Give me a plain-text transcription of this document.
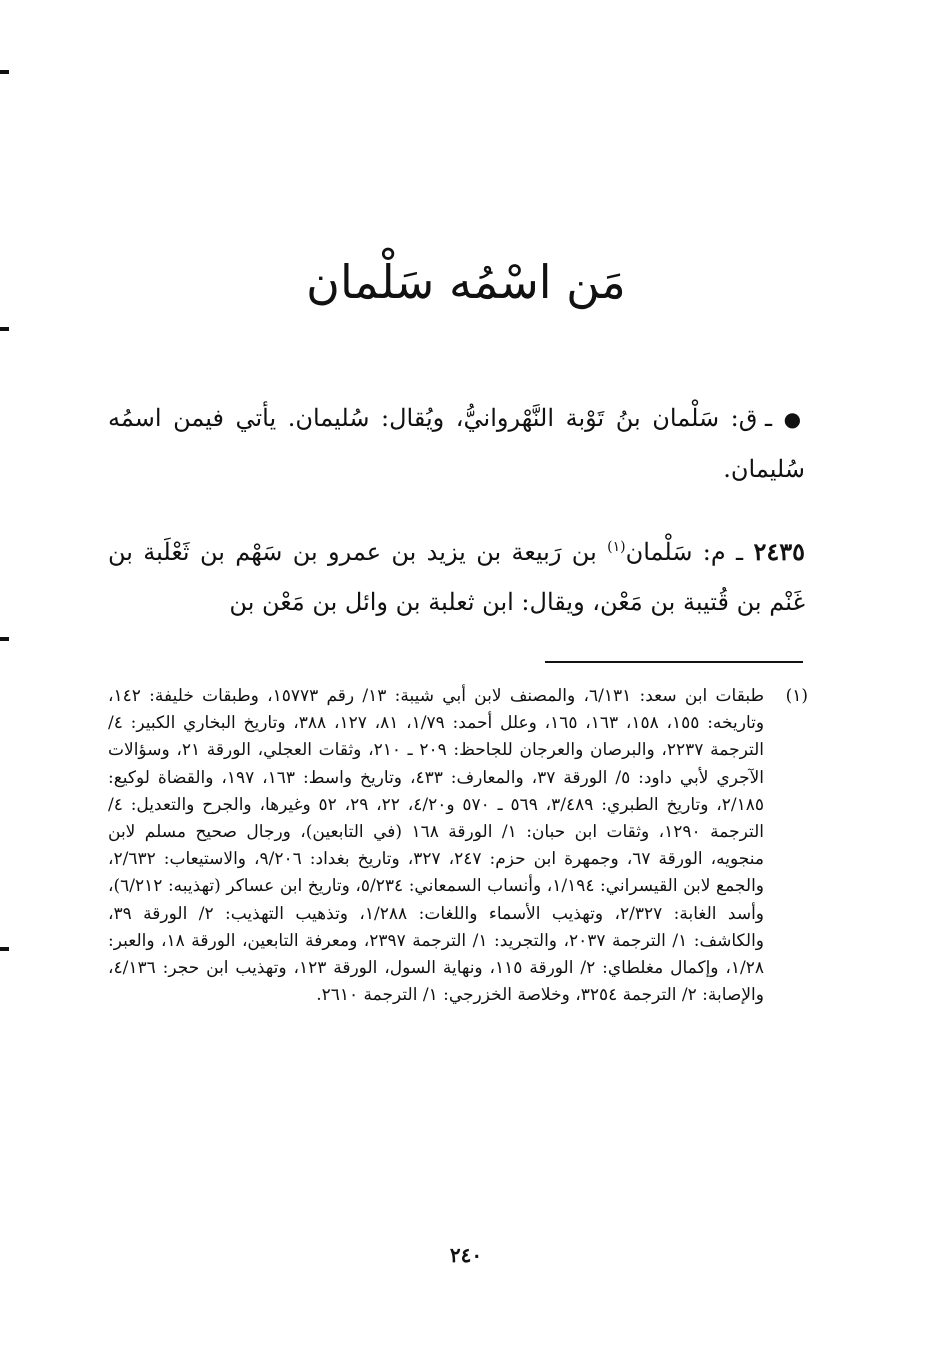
مَن اسْمُه سَلْمان

● ـ ق: سَلْمان بنُ تَوْبة النَّهْروانيُّ، ويُقال: سُليمان. يأتي فيمن اسمُه سُليمان.

٢٤٣٥ ـ م: سَلْمان$^{(١)}$ بن رَبيعة بن يزيد بن عمرو بن سَهْم بن ثَعْلَبة بن غَنْم بن قُتيبة بن مَعْن، ويقال: ابن ثعلبة بن وائل بن مَعْن بن

(١)

طبقات ابن سعد: ٦/١٣١، والمصنف لابن أبي شيبة: ١٣/ رقم ١٥٧٧٣، وطبقات خليفة: ١٤٢، وتاريخه: ١٥٥، ١٥٨، ١٦٣، ١٦٥، وعلل أحمد: ١/٧٩، ٨١، ١٢٧، ٣٨٨، وتاريخ البخاري الكبير: ٤/ الترجمة ٢٢٣٧، والبرصان والعرجان للجاحظ: ٢٠٩ ـ ٢١٠، وثقات العجلي، الورقة ٢١، وسؤالات الآجري لأبي داود: ٥/ الورقة ٣٧، والمعارف: ٤٣٣، وتاريخ واسط: ١٦٣، ١٩٧، والقضاة لوكيع: ٢/١٨٥، وتاريخ الطبري: ٣/٤٨٩، ٥٦٩ ـ ٥٧٠ و٤/٢٠، ٢٢، ٢٩، ٥٢ وغيرها، والجرح والتعديل: ٤/ الترجمة ١٢٩٠، وثقات ابن حبان: ١/ الورقة ١٦٨ (في التابعين)، ورجال صحيح مسلم لابن منجويه، الورقة ٦٧، وجمهرة ابن حزم: ٢٤٧، ٣٢٧، وتاريخ بغداد: ٩/٢٠٦، والاستيعاب: ٢/٦٣٢، والجمع لابن القيسراني: ١/١٩٤، وأنساب السمعاني: ٥/٢٣٤، وتاريخ ابن عساكر (تهذيبه: ٦/٢١٢)، وأسد الغابة: ٢/٣٢٧، وتهذيب الأسماء واللغات: ١/٢٨٨، وتذهيب التهذيب: ٢/ الورقة ٣٩، والكاشف: ١/ الترجمة ٢٠٣٧، والتجريد: ١/ الترجمة ٢٣٩٧، ومعرفة التابعين، الورقة ١٨، والعبر: ١/٢٨، وإكمال مغلطاي: ٢/ الورقة ١١٥، ونهاية السول، الورقة ١٢٣، وتهذيب ابن حجر: ٤/١٣٦، والإصابة: ٢/ الترجمة ٣٢٥٤، وخلاصة الخزرجي: ١/ الترجمة ٢٦١٠.

٢٤٠
